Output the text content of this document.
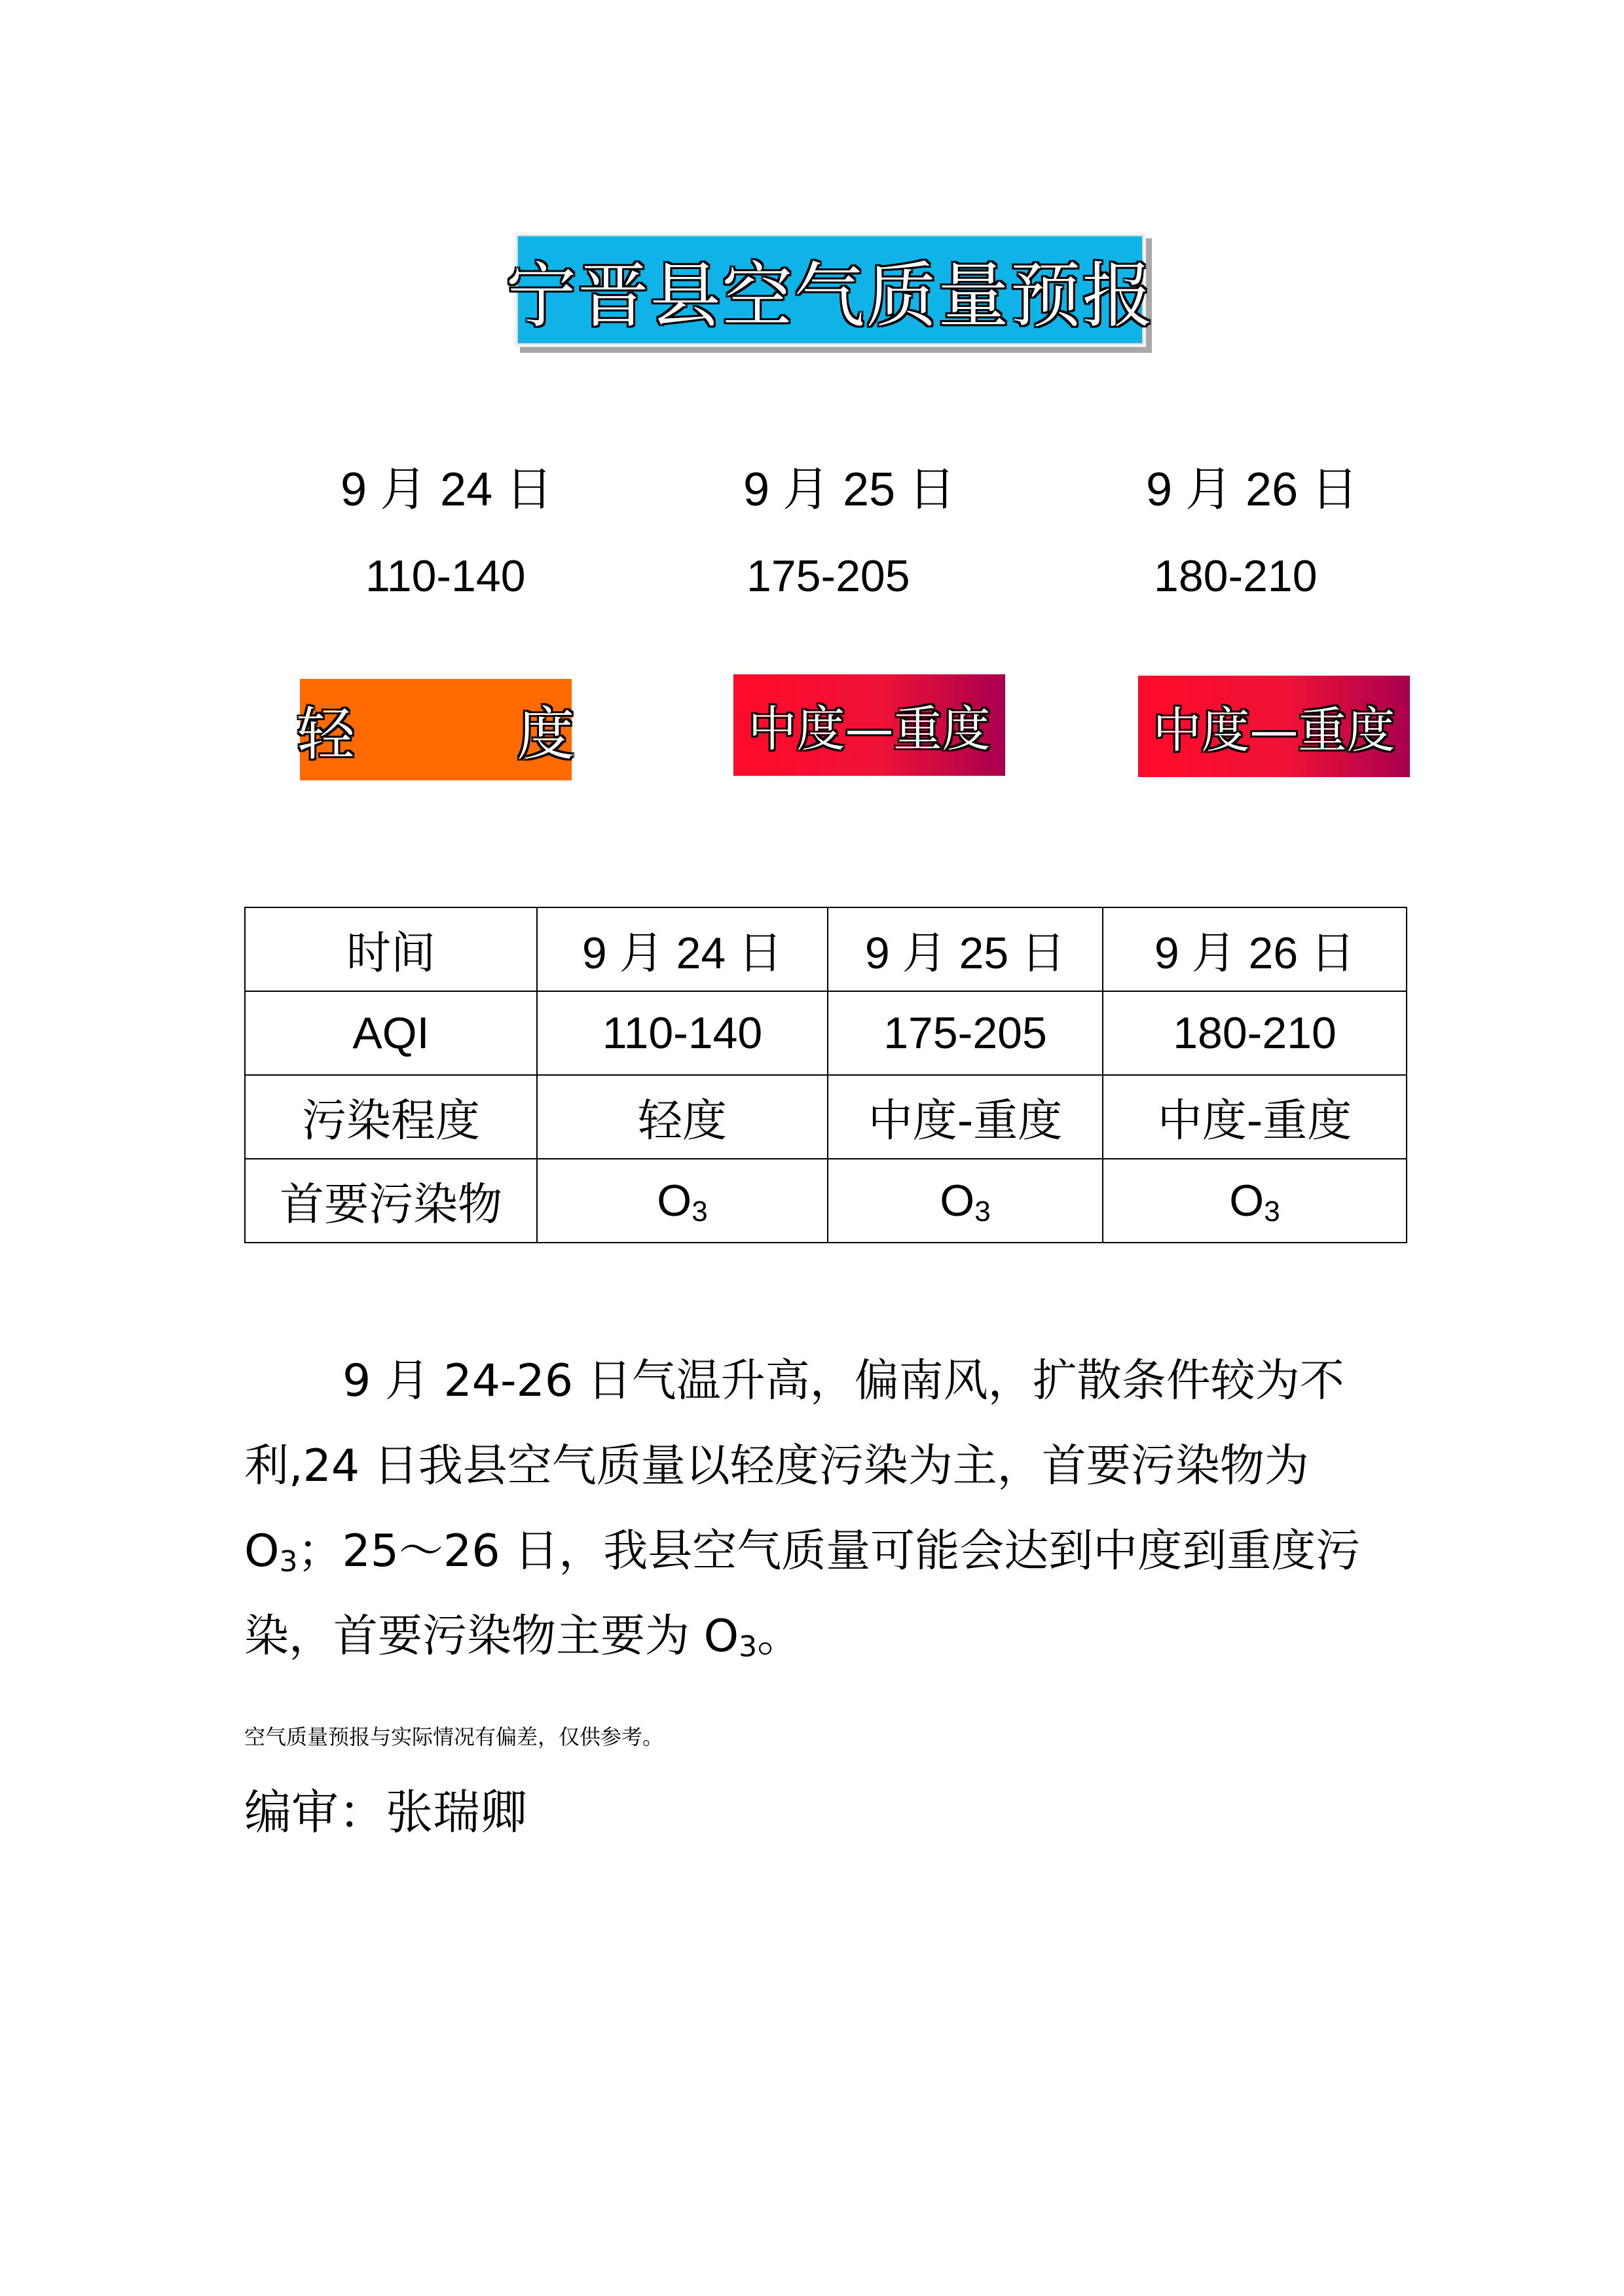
宁晋县空气质量预报
9 月 24 日
110-140
9 月 25 日
175-205
9 月 26 日
180-210
轻　度 中度—重度	中度—重度
时间	9 月 24 日	9 月 25 日	9 月 26 日
AQI	110-140	175-205	180-210
污染程度	轻度	中度-重度	中度-重度
首要污染物	$O_3$	$O_3$	$O_3$

9 月 24-26 日气温升高，偏南风，扩散条件较为不利,24 日我县空气质量以轻度污染为主，首要污染物为 $O_3$；25～26 日，我县空气质量可能会达到中度到重度污染，首要污染物主要为 $O_3$。

空气质量预报与实际情况有偏差，仅供参考。
编审：张瑞卿
